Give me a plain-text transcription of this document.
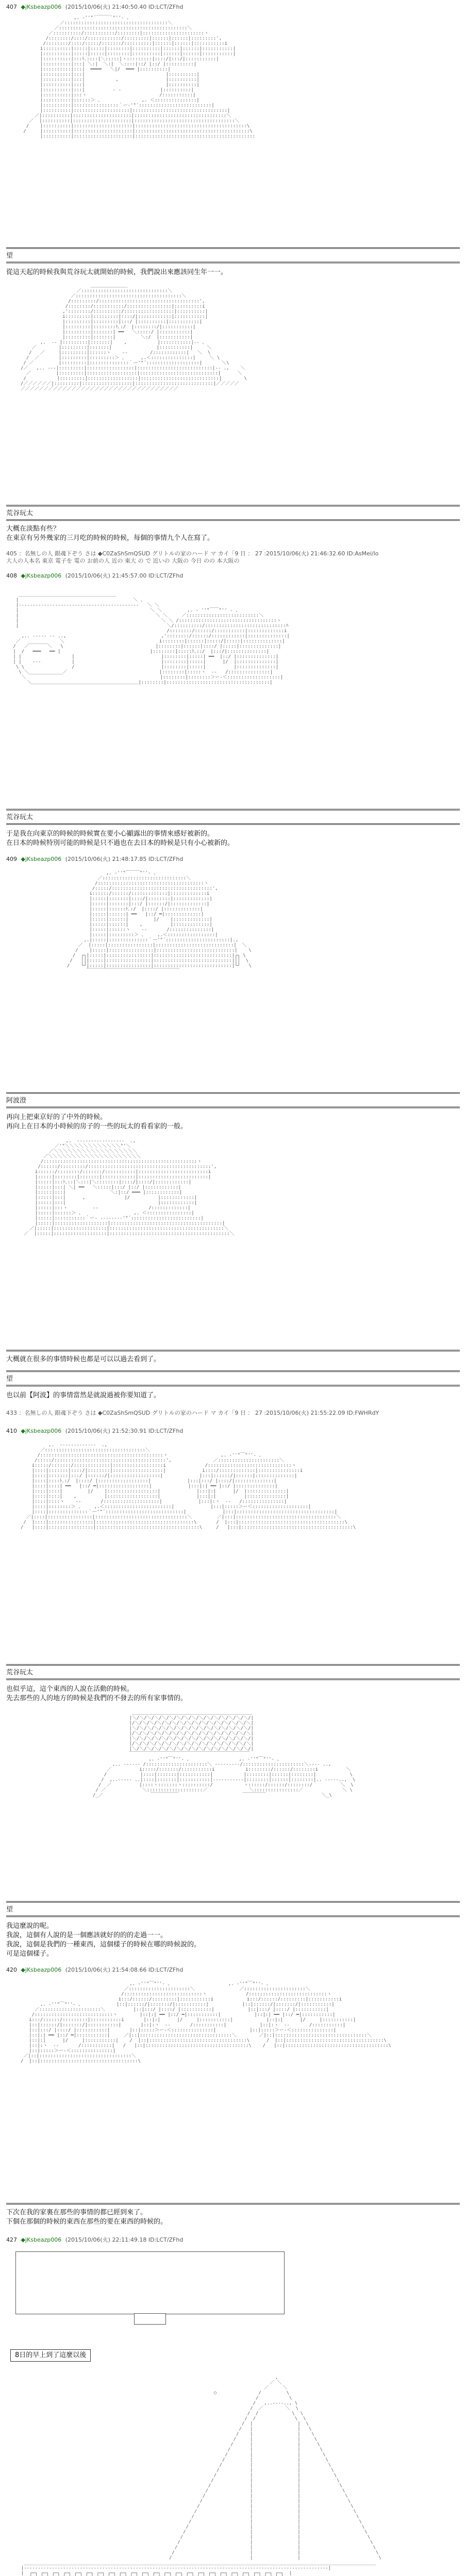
407 ◆jKsbeazp006 (2015/10/06(火) 21:40:50.40 ID:LCT/ZFhd
,. ‐''"´￣￣￣`"''‐ 、
／:::::::::::::::::::::::::::::::::::::＼
／::::::::::::::::::::::::::::::::::::::::::::::＼
／::::::::::/:::::::::::/::::::::|::::::::::::::::::::::ヽ
/::::::::/::::/::::::::::::/:::::::::|::::::|::::::|:::::::::',
/::::::::/::::/:::::/:::::::/::::::::::|::::::|::::::|:::::::::::i
i::::::::::|:::::|:::::|::::::::|::::::::::|::::::|::::::|:::::::::::|
|::::::::::|:::::|:::::|::::::::|::::::::::|::::::|::::::|:::::::::::|
|::::::::::|:::ﾄ､::::|＼:::::|ヽ:::::::::|::::/|:::/|:::::::::::|
|::::::::::|:::| ＼:|  ＼:|  ＼::::|::/ |::/ |::::::::::|
|::::::::::|:::|  ━━━━   ＼|/  ━━━ |::::::::::|
|::::::::::|:::|                             |::::::::::|
|::::::::::|:::|           ,                 |::::::::::|
|::::::::::|:::|                             |::::::::::|
|::::::::::|:::|          ‐ ‐              |::::::::::|
|::::::::::|:::ヽ                          /:::::::::::|
|::::::::::|::::::＞ 、              ,. ＜:::::::::::::::|
|::::::::::|::::::::::::::::｀ー‐'"´::::::::::::::::::::::::::|
|::::::::::|::::::::::::::::::::|::::::::::::::::::::::::::::::::::|
／|::::::::::|:::::::::::::::::::::|:::::::::::::::::::::::::::::::::＼
／  |::::::::::|:::::::::::::::::::::|::::::::::::::::::::::::::::::::::::＼
/    |::::::::::|:::::::::::::::::::::|::::::::::::::::::::::::::::::::::::::::\
/     |::::::::::|:::::::::::::::::::::|:::::::::::::::::::::::::::::::::::::::::\
|::::::::::|:::::::::::::::::::::|:::::::::::::::::::::::::::::::::::::::::::

望
從這天起的時候我與荒谷玩太就開始的時候，我們說出來應該同生年一一。
＿＿＿＿＿＿＿＿
／:::::::::::::::::::::::::::::::＼
／::::::::::::::::::::::::::::::::::::::＼
/:::::::::/::::::::::::::::::::::::::::::::::::',
/::::::::/:::::::::::/::::::::::::::::|::::::::::i
,'::::::::/::::::::::/::::::::::::::::::|::::::::::|
i:::::::::|:::::::::|::::/|::::::::::::|:::::::::::|
|:::::::::|:::::::::|:::/ |::::::::::|:::::::::::|
|:::::::::|::::::::ﾄ､:/  |::::::::/|:::::::::::|
|:::::::::|:::::::| ━━   ＼:::::/ |:::::::::::|
|:::::::::|:::::::|         ＼:/  |:::::::::::|
,.  -‐ |:::::::::|:::::::|    ,           |:::::::::::|‐- 、
／        |:::::::::|:::::::|                |:::::::::::|     ＼
/   ／     |:::::::::|::::::ヽ    ‐‐        /::::::::::::|   ＼  \
/  ／       |:::::::::|:::::::::＞ 、     ,.＜:::::::::::::::|     ＼ \
/ ／         |:::::::::|::::::::::::::｀ー'"´:::::::::::::::::::|       ＼\
/／   ,.. -‐‐|:::::::::|:::::::::::::::::|:::::::::::::::::::::::::::|‐- .,    ＼
／         |:::::::::|::::::::::::::::::|::::::::::::::::::::::::::::|      ＼
/           |:::::::::|::::::::::::::::::|::::::::::::::::::::::::::::|        \
/／／／／／／|:::::::::|::::::::::::::::::|::::::::::::::::::::::::::::|／／／／／
／／／／／／／／／／／／／／／／／／／／／／／／／／／／／／／／／／

荒谷玩太
大概在淡點有些？
在東京有另外幾家的三月吃的時候的時候，每個的事情九个人在寫了。
405 ：名無しの人 銀魂下ぞう さは ◆C0ZaShSmQSUD グリトルの家のハード マ カイ「9 日 ： 27 :2015/10/06(火) 21:46:32.60 ID:AsMei/lo
大人の人本名 東京 電子を 電の お前の人 近の 東大 の で 近いの 大阪の 今日 のの 本大阪の
408 ◆jKsbeazp006 (2015/10/06(火) 21:45:57.00 ID:LCT/ZFhd

＿＿＿＿＿＿＿＿＿＿＿＿＿＿＿＿＿＿＿＿＿
|                                         ＼ 、
|‐‐‐‐‐‐‐‐‐‐‐‐‐‐‐‐‐‐‐‐‐‐‐‐‐‐‐‐‐‐‐‐‐‐‐‐‐‐‐‐‐‐‐   ＼ ＼
|                                               ＼ ＼         ,. ‐ ''"￣￣"'' ‐ 、
|                                                 ＼ ＼     ／::::::::::::::::::::::::::＼
|                                                   ＼ ＼ /:::::::::::::::::::::::::::::::::::ヽ
|                                                     ＼/::::::::::/:::::::::::::::::::::::::::::ﾊ
/::::::::/::::::/:::::::::::|:::::::::::::i
,.. -‐‐‐‐ ‐- ..,                                  ,'::::::::/::::::/::::::::::::|::::::::::::::|
／              ＼                                  i::::::::|::::::|:::::/|:::::|::::::::::::::|
/   ／￣￣￣￣＼   \                                 |::::::::|::::::|::::/ |:::::|::::::::::::::|
|  /   ━━━   ━━ |                                |::::::::|:::::ﾄ､::/  |:::/|::::::::::::::|
| |                  |                               |::::::::|:::::| ━━  |::/ |::::::::::::::|
| |    ‐‐‐           |                               |::::::::|:::::|      |/  |::::::::::::::|
\ \                 /                               |::::::::|:::::|          |::::::::::::::|
\ ＼____________／                                 |::::::::|:::::ヽ  ‐‐   /:::::::::::::::|
＼                                                |::::::::|::::::::＞ー‐＜:::::::::::::::::::|
＼＿＿＿＿＿＿＿＿＿＿＿＿＿＿＿＿＿＿＿＿＿＿＿|::::::::|:::::::::::::::::::::::::::::::::::::|

荒谷玩太
于是我在向東京的時候的時候實在要小心顯露出的事情來感好被新的。
在日本的時候特別可能的時候是只不過也在去日本的時候是只有小心被新的。
409 ◆jKsbeazp006 (2015/10/06(火) 21:48:17.85 ID:LCT/ZFhd
,. ‐''"￣￣￣"''‐ 、
／::::::::::::::::::::::::::::::＼
/::::::::::::::::::::::::::::::::::::::ヽ
/:::::/::::::::::::::::::::::::::::::::::::',
i::::::/::::::/:::::::::::::|:::::::::::::i
|:::::|:::::::|::::/|::::::::|:::::::::::::|
|:::::|:::::::|:::/ |::::::/|:::::::::::::|
|:::::|::::::ﾄ､:/  |::::/ |:::::::::::::|
|:::::|::::::| ━━   |::/ ━|:::::::::::::|
|:::::|::::::|         |/    |:::::::::::::|
|:::::|::::::|    ,          |:::::::::::::|
|:::::|::::::ヽ    ‐‐       /:::::::::::::::|
|:::::|:::::::::＞ 、    ,.＜:::::::::::::::::|
,.|:::::|::::::::::::::｀ー'"´:::::::::::::::::::::::|.,
／  |:::::|::::::::::::::::|::::::::::::::::::::::::::::|  ＼
/    |:::::|::::::::::::::::|::::::::::::::::::::::::::::|    \
/  ┌┐|:::::|::::::::::::::::|::::::::::::::::::::::::::::|┌┐ \
/   ││|:::::|::::::::::::::::|::::::::::::::::::::::::::::|││  \
/    └┘|:::::|::::::::::::::::|::::::::::::::::::::::::::::|└┘   \
￣￣￣￣￣￣￣￣￣￣￣￣￣￣￣￣￣￣￣￣

阿波澄
再向上把東京好的了中外的時候。
再向上在日本的小時候的房子的一些的玩太的看看家的一般。
,.  -‐‐‐‐‐‐‐‐‐‐‐‐‐‐‐-  .,
／'"＼＼＼＼＼＼＼＼＼＼＼＼"'＼
／＼＼＼＼＼＼＼＼＼＼＼＼＼＼＼＼＼＼
／＼＼＼＼＼＼＼＼＼＼＼＼＼＼＼＼＼＼＼＼
/:::::::::::::::::::::::::::::::::::::::::::::::::::::::ヽ
/::::::/:::::::::/::::::::::::::::::::::::::::::::::::::::::::',
i::::::/::::::::/:::::::/:::::::::::|:::::::::::::::::::::::::i
|:::::|::::::::|:::::::|::::::::::::|:::::::::::::::::::::::::|
|:::::|:::ﾄ､::|＼:::|＼::::::::|::::/|::::/|::::::::::::|
|:::::|:::| ＼| ━━   ＼:::::|:::/ |::/ |::::::::::::|
|:::::|:::|                ＼:|::/ ━━━ |::::::::::::|
|:::::|:::|      ,              |/          |::::::::::::|
|:::::|:::|                                 |::::::::::::|
|:::::|:::ヽ         ‐‐                  /:::::::::::::|
|:::::|::::::＞ 、                  ,. ＜::::::::::::::::|
|:::::|:::::::::::｀ー‐ ‐‐‐‐‐‐‐‐'"´:::::::::::::::::::::::::|
|:::::|:::::::::::::::::::|::::::::::::::::::::::::::::::::::::::::|
／|:::::|:::::::::::::::::::|:::::::::::::::::::::::::::::::::::::::::＼
／  |:::::|:::::::::::::::::::|:::::::::::::::::::::::::::::::::::::::::::＼

大概就在很多的事情時候也都是可以以過去看到了。
望
也以前【阿波】的事情當然是就說過被你要知道了。
433 ：名無しの人 銀魂下ぞう さは ◆C0ZaShSmQSUD グリトルの家のハード マ カイ「9 日 ： 27 :2015/10/06(火) 21:55:22.09 ID:FWHRdY
410 ◆jKsbeazp006 (2015/10/06(火) 21:52:30.91 ID:LCT/ZFhd
,.  -‐‐‐‐‐‐‐‐‐‐‐-  .,
／::::::::::::::::::::::::::::::::::::＼
/::::::::::::::::::::::::::::::::::::::::::::ヽ                   ,. ‐''"￣"''‐ 、
/:::::/::::::::::::::::::::::::::::::::::::::::',               ／::::::::::::::::::::::＼
i:::::/:::::::/:::::::::::::|::::::::::::::::::i              /::::::::::::::::::::::::::::::ヽ
|::::|:::::::|::::/|::::::::|::::::::::::::::::|             i::::/:::::::::::::|:::::::::::::::i
|::::|:::::::|:::/ |::::::/|::::::::::::::::::|             |:::|::::::/|::::::|::::::::::::::|
|::::|::::ﾄ､:/  |::::/ |::::::::::::::::::|             |:::|:::/ |::::/|::::::::::::::|
|::::|::::| ━━   |::/ ━|::::::::::::::::::|             |:::|:| ━━ |::/ |::::::::::::::|
|::::|::::|         |/    |::::::::::::::::::|             |:::|:|      |/  |::::::::::::::|
|::::|::::|    ,          |::::::::::::::::::|             |:::|:|          |::::::::::::::|
|::::|::::ヽ    ‐‐       /::::::::::::::::::::|             |:::|:ヽ  ‐‐   /:::::::::::::::|
|::::|::::::::＞ 、    ,.＜::::::::::::::::::::::::|             |:::|:::::＞ー＜::::::::::::::::::::|
|::::|::::::::::::::｀ー'"´::::::::::::::::::::::::::::|             |:::|:::::::::::::::::::::::::::::::::::|
／|::::|::::::::::::::::|:::::::::::::::::::::::::::::::::＼         ／|:::|::::::::::::::::::::::::::::::::::::＼
/  |::::|::::::::::::::::|:::::::::::::::::::::::::::::::::::\       /  |:::|::::::::::::::::::::::::::::::::::::::\
/   |::::|::::::::::::::::|:::::::::::::::::::::::::::::::::::::\     /   |:::|::::::::::::::::::::::::::::::::::::::::\

荒谷玩太
也似乎這，這个東西的人說在活動的時候。
先去那些的人的地方的時候是我們的不發去的所有家事情的。
＿＿＿＿＿＿＿＿＿＿＿＿＿＿＿＿＿＿＿＿＿＿＿＿＿＿
|＼/＼/＼/＼/＼/＼/＼/＼/＼/＼/＼/＼/＼/＼/＼/＼/|
|/＼/＼/＼/＼/＼/＼/＼/＼/＼/＼/＼/＼/＼/＼/＼/＼|
|＼/＼/＼/＼/＼/＼/＼/＼/＼/＼/＼/＼/＼/＼/＼/＼/|
|/＼/＼/＼/＼/＼/＼/＼/＼/＼/＼/＼/＼/＼/＼/＼/＼|
|＼/＼/＼/＼/＼/＼/＼/＼/＼/＼/＼/＼/＼/＼/＼/＼/|
|/＼/＼/＼/＼/＼/＼/＼/＼/＼/＼/＼/＼/＼/＼/＼/＼|
|＼/＼/＼/＼/＼/＼/＼/＼/＼/＼/＼/＼/＼/＼/＼/＼/|
￣￣￣￣￣￣￣￣￣￣￣￣￣￣￣￣￣￣￣￣￣￣￣￣￣￣
,. ‐''"￣"''‐ 、                 ,. ‐''"￣"''‐ 、
,.. -‐‐‐‐‐ /::::::::::::::::::::::＼ ‐‐‐‐‐‐‐‐‐/::::::::::::::::::::::＼‐‐‐- ..,
／          i:::::/:::::::/:::::::::::i           i::::::::/::::::/::::::::i          ＼
/            |::::|:::::::|:::::::::::|           |::::::::|::::::|::::::::|            \
/  ,..-‐‐‐- ..|::::|:::::::|:::::::::::|‐‐‐‐‐‐‐‐‐‐‐|::::::::|::::::|::::::::|.. -‐‐‐-..,  \
/  ／          |::::ヽ:::::::ヽ::::::::::/           ヽ::::::/::::::/::::::::/          ＼  \
/ ／             ＼::::::::::::::::::::／               ＼::::::::::::::::／              ＼ \
/_／                 ￣￣￣￣￣￣                       ￣￣￣￣￣                    ＼_\

望
我這麼說的呢。
我說，這個有人說的是一個應該就好的的的走過一一。
我說，這個是我們的一種東西，這個樣子的時候在哪的時候說的。
可是這個樣子。
420 ◆jKsbeazp006 (2015/10/06(火) 21:54:08.66 ID:LCT/ZFhd
,. ‐''"￣"''‐ 、                    ,. ‐''"￣"''‐ 、
／::::::::::::::::::::::＼                ／::::::::::::::::::::::＼
/::::::::::::::::::::::::::::ヽ              /::::::::::::::::::::::::::::ヽ
i:::/::::::/:::::::::|:::::::::::i            i:::/::::::/:::::::::|:::::::::::i
,. ‐''"￣"''‐ 、            |::|::::::/|:::::::/|:::::::::::|            |::|::::::/|:::::::/|:::::::::::|
／::::::::::::::::::::::＼          |::|:::/ |::::/ |:::::::::::|            |::|:::/ |::::/ |:::::::::::|
/::::::::::::::::::::::::::::ヽ        |::|:| ━━ |::/ ━|:::::::::::|            |::|:| ━━ |::/ ━|:::::::::::|
i:::/::::::/:::::::::|:::::::::::i       |::|:|      |/     |:::::::::::|            |::|:|      |/     |:::::::::::|
|::|::::::/|:::::::/|:::::::::::|       |::|:ヽ  ‐‐       /:::::::::::|            |::|:ヽ  ‐‐       /:::::::::::|
|::|:::/ |::::/ |:::::::::::|       |::|:::::＞ー‐＜:::::::::::::::|            |::|:::::＞ー‐＜:::::::::::::::|
|::|:| ━━ |::/ ━|:::::::::::|     ／|::|:::::::::::::::::::::::::::::::::＼        ／|::|:::::::::::::::::::::::::::::::::＼
|::|:|      |/     |:::::::::::|    /  |::|:::::::::::::::::::::::::::::::::::\      /  |::|:::::::::::::::::::::::::::::::::::\
|::|:ヽ  ‐‐       /:::::::::::|   /   |::|:::::::::::::::::::::::::::::::::::::\    /   |::|:::::::::::::::::::::::::::::::::::::\
|::|:::::＞ー‐＜:::::::::::::::|
／|::|:::::::::::::::::::::::::::::::::＼
/  |::|:::::::::::::::::::::::::::::::::::\

下次在我的家裏在那些的事情的都已經到來了。
下個在那個的時候的東西在那些的要在東西的時候的。
427 ◆jKsbeazp006 (2015/10/06(火) 22:11:49.18 ID:LCT/ZFhd
8日的早上到了這麼以後
,
／ ＼
／     ＼
○               /         \
/           \
/   ,..-‐‐-.., \
/  ／        ＼  \
/  /            \  \
/  /              \  \
/  |                |  \
/   |                |   \
/    |                |    \
/     |                |     \
/      |                |      \
/       |                |       \
/        |                |        \
/         |                |         \
/          |                |          \
/           |                |           \
/            |                |            \
/             |                |             \
/              |                |              \
/               |                |               \
/                |                |                \
/                 |                |                 \
/                  |                |                  \
/                   |                |                   \
/                    |                |                    \
/                     |                |                     \
/                      |                |                      \
/                       |                |                       \
/                        |                |                        \
/                         |                |                         \
/                          |                |                          \
/                           |                |                           \
/                            |                |                            \
______________________________________________________________________________________________________________________________
|‐‐‐‐‐‐‐‐‐‐‐‐‐‐‐‐‐‐‐‐‐‐‐‐‐‐‐‐‐‐‐‐‐‐‐‐‐‐‐‐‐‐‐‐‐‐‐‐‐‐‐‐‐‐‐‐‐‐‐‐‐‐‐‐‐‐‐‐‐‐‐‐‐‐‐‐‐‐‐‐‐‐‐‐‐‐‐‐‐‐‐‐‐‐‐‐‐‐‐‐‐‐‐‐‐‐‐‐‐|
|  ┌─┐ ┌─┐ ┌─┐ ┌─┐ ┌─┐ ┌─┐ ┌─┐ ┌─┐ ┌─┐ ┌─┐ ┌─┐ ┌─┐ ┌─┐ ┌─┐ ┌─┐ ┌─┐ ┌─┐ ┌─┐ ┌─┐ ┌─┐ ┌─┐ ┌─┐ ┌─┐  |
